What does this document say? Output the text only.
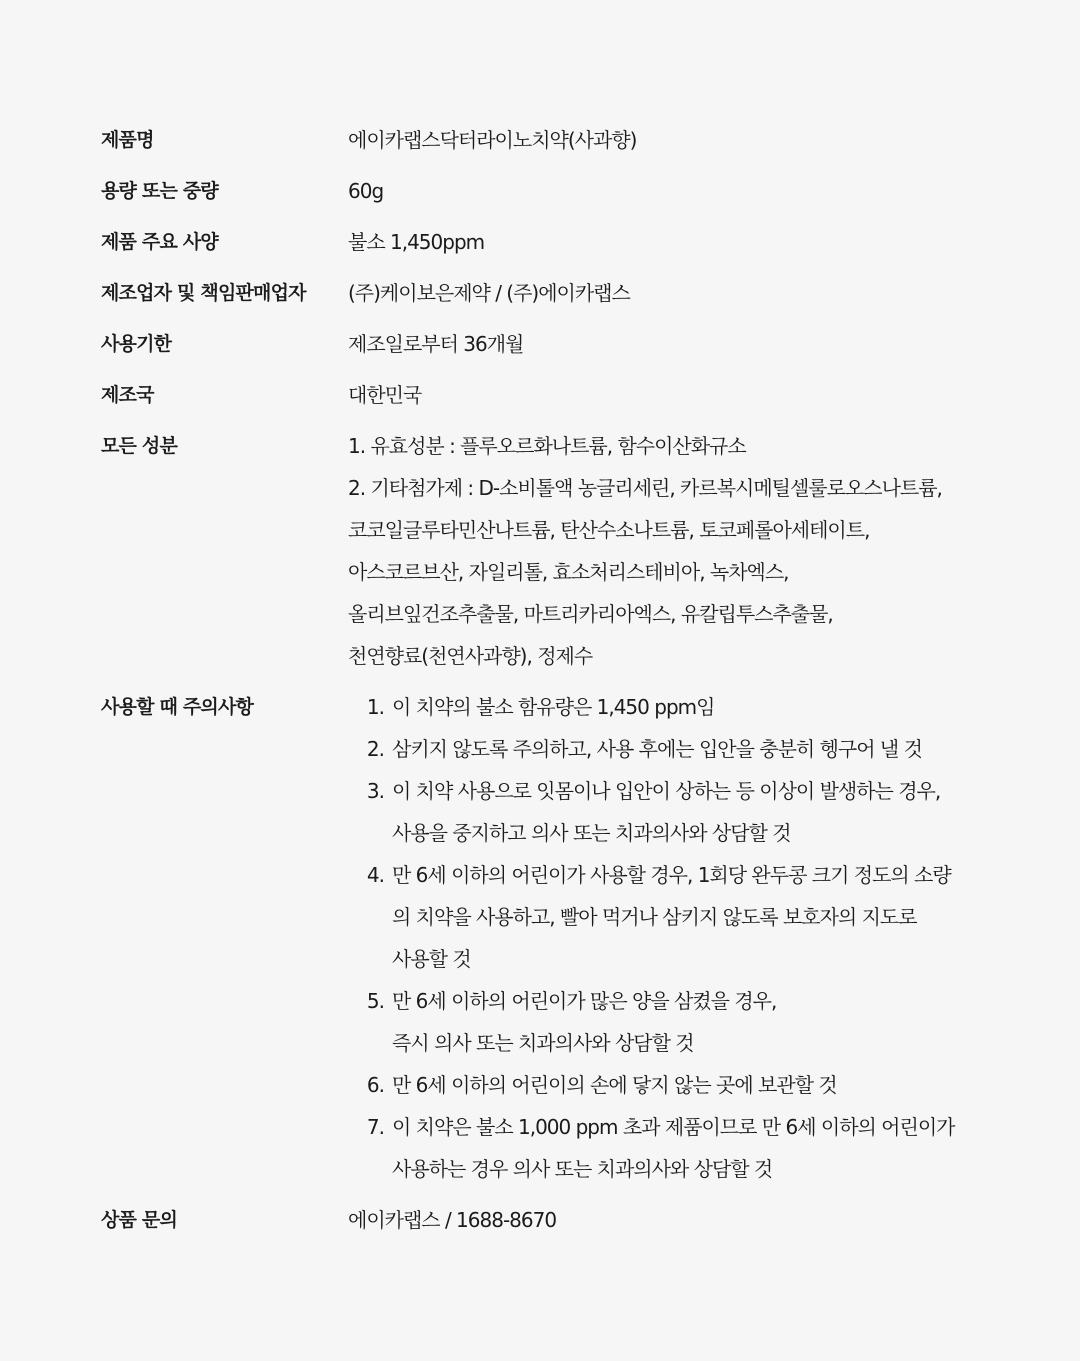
제품명	에이카랩스닥터라이노치약(사과향)
용량 또는 중량	60g
제품 주요 사양	불소 1,450ppm
제조업자 및 책임판매업자	(주)케이보은제약 / (주)에이카랩스
사용기한	제조일로부터 36개월
제조국	대한민국
모든 성분	1. 유효성분 : 플루오르화나트륨, 함수이산화규소
2. 기타첨가제 : D-소비톨액 농글리세린, 카르복시메틸셀룰로오스나트륨,
코코일글루타민산나트륨, 탄산수소나트륨, 토코페롤아세테이트,
아스코르브산, 자일리톨, 효소처리스테비아, 녹차엑스,
올리브잎건조추출물, 마트리카리아엑스, 유칼립투스추출물,
천연향료(천연사과향), 정제수
사용할 때 주의사항	1. 이 치약의 불소 함유량은 1,450 ppm임
2. 삼키지 않도록 주의하고, 사용 후에는 입안을 충분히 헹구어 낼 것
3. 이 치약 사용으로 잇몸이나 입안이 상하는 등 이상이 발생하는 경우,
사용을 중지하고 의사 또는 치과의사와 상담할 것
4. 만 6세 이하의 어린이가 사용할 경우, 1회당 완두콩 크기 정도의 소량
의 치약을 사용하고, 빨아 먹거나 삼키지 않도록 보호자의 지도로
사용할 것
5. 만 6세 이하의 어린이가 많은 양을 삼켰을 경우,
즉시 의사 또는 치과의사와 상담할 것
6. 만 6세 이하의 어린이의 손에 닿지 않는 곳에 보관할 것
7. 이 치약은 불소 1,000 ppm 초과 제품이므로 만 6세 이하의 어린이가
사용하는 경우 의사 또는 치과의사와 상담할 것
상품 문의	에이카랩스 / 1688-8670
